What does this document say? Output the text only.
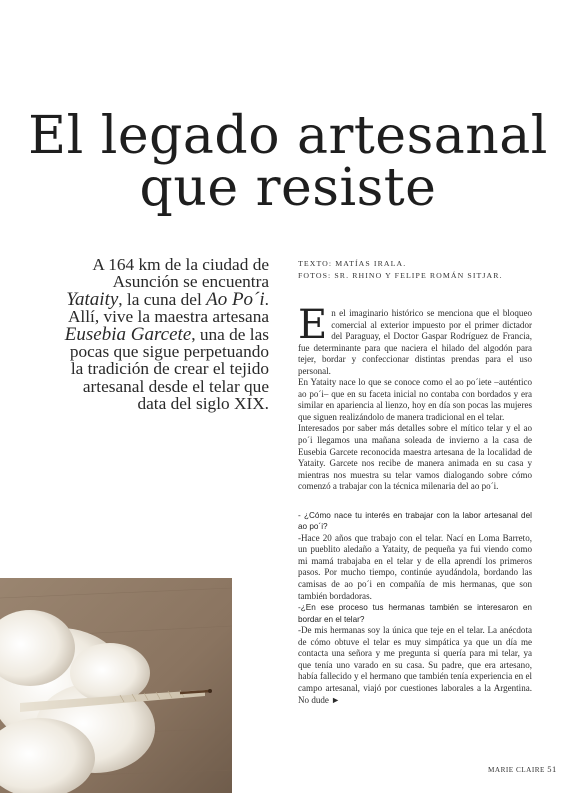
El legado artesanal
que resiste
A 164 km de la ciudad de Asunción se encuentra Yataity, la cuna del Ao Po´i. Allí, vive la maestra artesana Eusebia Garcete, una de las pocas que sigue perpetuando la tradición de crear el tejido artesanal desde el telar que data del siglo XIX.
TEXTO: MATÍAS IRALA.
FOTOS: SR. RHINO Y FELIPE ROMÁN SITJAR.

En el imaginario histórico se menciona que el bloqueo comercial al exterior impuesto por el primer dictador del Paraguay, el Doctor Gaspar Rodríguez de Francia, fue determinante para que naciera el hilado del algodón para tejer, bordar y confeccionar distintas prendas para el uso personal.

En Yataity nace lo que se conoce como el ao po´iete –auténtico ao po´i– que en su faceta inicial no contaba con bordados y era similar en apariencia al lienzo, hoy en día son pocas las mujeres que siguen realizándolo de manera tradicional en el telar.

Interesados por saber más detalles sobre el mítico telar y el ao po´i llegamos una mañana soleada de invierno a la casa de Eusebia Garcete reconocida maestra artesana de la localidad de Yataity. Garcete nos recibe de manera animada en su casa y mientras nos muestra su telar vamos dialogando sobre cómo comenzó a trabajar con la técnica milenaria del ao po´i.

- ¿Cómo nace tu interés en trabajar con la labor artesanal del ao po´i?

-Hace 20 años que trabajo con el telar. Nací en Loma Barreto, un pueblito aledaño a Yataity, de pequeña ya fui viendo como mi mamá trabajaba en el telar y de ella aprendí los primeros pasos. Por mucho tiempo, continúe ayudándola, bordando las camisas de ao po´i en compañía de mis hermanas, que son también bordadoras.

-¿En ese proceso tus hermanas también se interesaron en bordar en el telar?

-De mis hermanas soy la única que teje en el telar. La anécdota de cómo obtuve el telar es muy simpática ya que un día me contacta una señora y me pregunta si quería para mi telar, ya que tenía uno varado en su casa. Su padre, que era artesano, había fallecido y el hermano que también tenía experiencia en el campo artesanal, viajó por cuestiones laborales a la Argentina. No dude ►

MARIE CLAIRE 51
